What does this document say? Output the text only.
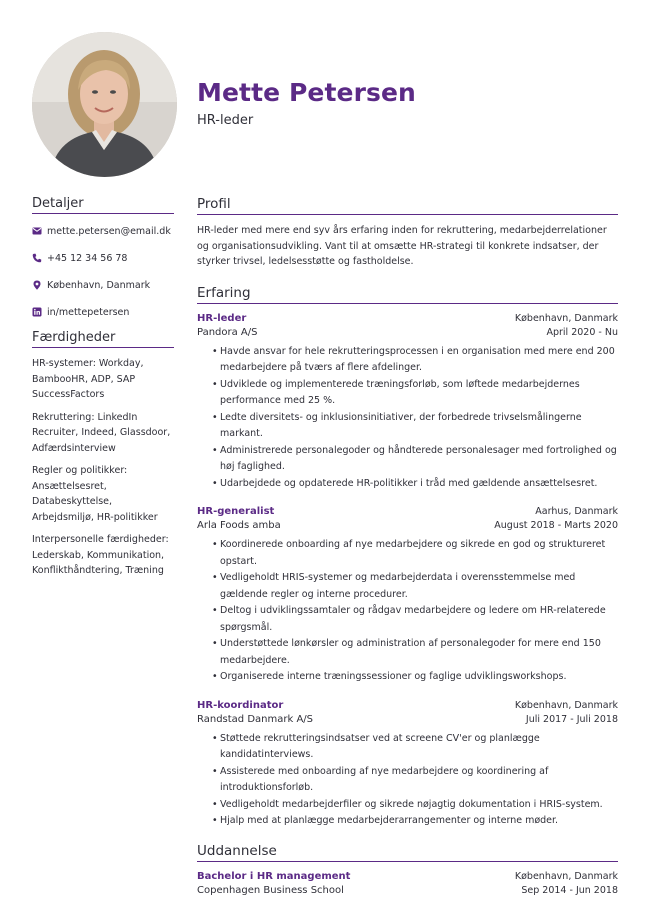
Mette Petersen
HR-leder
Detaljer
mette.petersen@email.dk
+45 12 34 56 78
København, Danmark
in/mettepetersen
Færdigheder
HR-systemer: Workday, BambooHR, ADP, SAP SuccessFactors
Rekruttering: LinkedIn Recruiter, Indeed, Glassdoor, Adfærdsinterview
Regler og politikker: Ansættelsesret, Databeskyttelse, Arbejdsmiljø, HR-politikker
Interpersonelle færdigheder: Lederskab, Kommunikation, Konflikthåndtering, Træning
Profil
HR-leder med mere end syv års erfaring inden for rekruttering, medarbejderrelationer og organisationsudvikling. Vant til at omsætte HR-strategi til konkrete indsatser, der styrker trivsel, ledelsesstøtte og fastholdelse.
Erfaring
HR-leder	København, Danmark
Pandora A/S	April 2020 - Nu
• Havde ansvar for hele rekrutteringsprocessen i en organisation med mere end 200 medarbejdere på tværs af flere afdelinger.
• Udviklede og implementerede træningsforløb, som løftede medarbejdernes performance med 25 %.
• Ledte diversitets- og inklusionsinitiativer, der forbedrede trivselsmålingerne markant.
• Administrerede personalegoder og håndterede personalesager med fortrolighed og høj faglighed.
• Udarbejdede og opdaterede HR-politikker i tråd med gældende ansættelsesret.
HR-generalist	Aarhus, Danmark
Arla Foods amba	August 2018 - Marts 2020
• Koordinerede onboarding af nye medarbejdere og sikrede en god og struktureret opstart.
• Vedligeholdt HRIS-systemer og medarbejderdata i overensstemmelse med gældende regler og interne procedurer.
• Deltog i udviklingssamtaler og rådgav medarbejdere og ledere om HR-relaterede spørgsmål.
• Understøttede lønkørsler og administration af personalegoder for mere end 150 medarbejdere.
• Organiserede interne træningssessioner og faglige udviklingsworkshops.
HR-koordinator	København, Danmark
Randstad Danmark A/S	Juli 2017 - Juli 2018
• Støttede rekrutteringsindsatser ved at screene CV'er og planlægge kandidatinterviews.
• Assisterede med onboarding af nye medarbejdere og koordinering af introduktionsforløb.
• Vedligeholdt medarbejderfiler og sikrede nøjagtig dokumentation i HRIS-system.
• Hjalp med at planlægge medarbejderarrangementer og interne møder.
Uddannelse
Bachelor i HR management	København, Danmark
Copenhagen Business School	Sep 2014 - Jun 2018
